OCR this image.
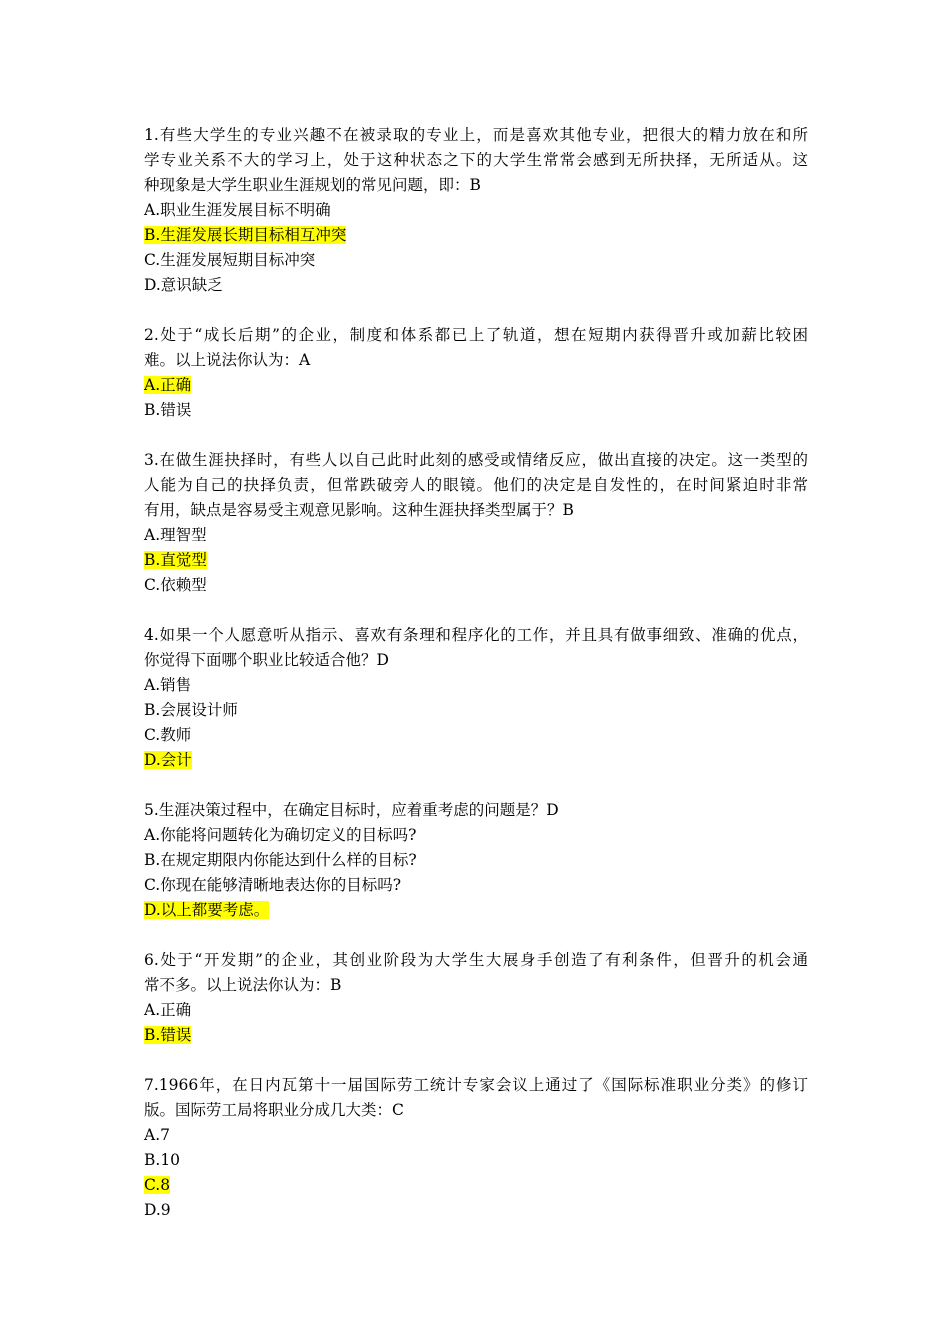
1.有些大学生的专业兴趣不在被录取的专业上，而是喜欢其他专业，把很大的精力放在和所
学专业关系不大的学习上，处于这种状态之下的大学生常常会感到无所抉择，无所适从。这
种现象是大学生职业生涯规划的常见问题，即：B
A.职业生涯发展目标不明确
B.生涯发展长期目标相互冲突
C.生涯发展短期目标冲突
D.意识缺乏
2.处于“成长后期”的企业，制度和体系都已上了轨道，想在短期内获得晋升或加薪比较困
难。以上说法你认为：A
A.正确
B.错误
3.在做生涯抉择时，有些人以自己此时此刻的感受或情绪反应，做出直接的决定。这一类型的
人能为自己的抉择负责，但常跌破旁人的眼镜。他们的决定是自发性的，在时间紧迫时非常
有用，缺点是容易受主观意见影响。这种生涯抉择类型属于？B
A.理智型
B.直觉型
C.依赖型
4.如果一个人愿意听从指示、喜欢有条理和程序化的工作，并且具有做事细致、准确的优点，
你觉得下面哪个职业比较适合他？D
A.销售
B.会展设计师
C.教师
D.会计
5.生涯决策过程中，在确定目标时，应着重考虑的问题是？D
A.你能将问题转化为确切定义的目标吗?
B.在规定期限内你能达到什么样的目标?
C.你现在能够清晰地表达你的目标吗?
D.以上都要考虑。
6.处于“开发期”的企业，其创业阶段为大学生大展身手创造了有利条件，但晋升的机会通
常不多。以上说法你认为：B
A.正确
B.错误
7.1966年，在日内瓦第十一届国际劳工统计专家会议上通过了《国际标准职业分类》的修订
版。国际劳工局将职业分成几大类：C
A.7
B.10
C.8
D.9
